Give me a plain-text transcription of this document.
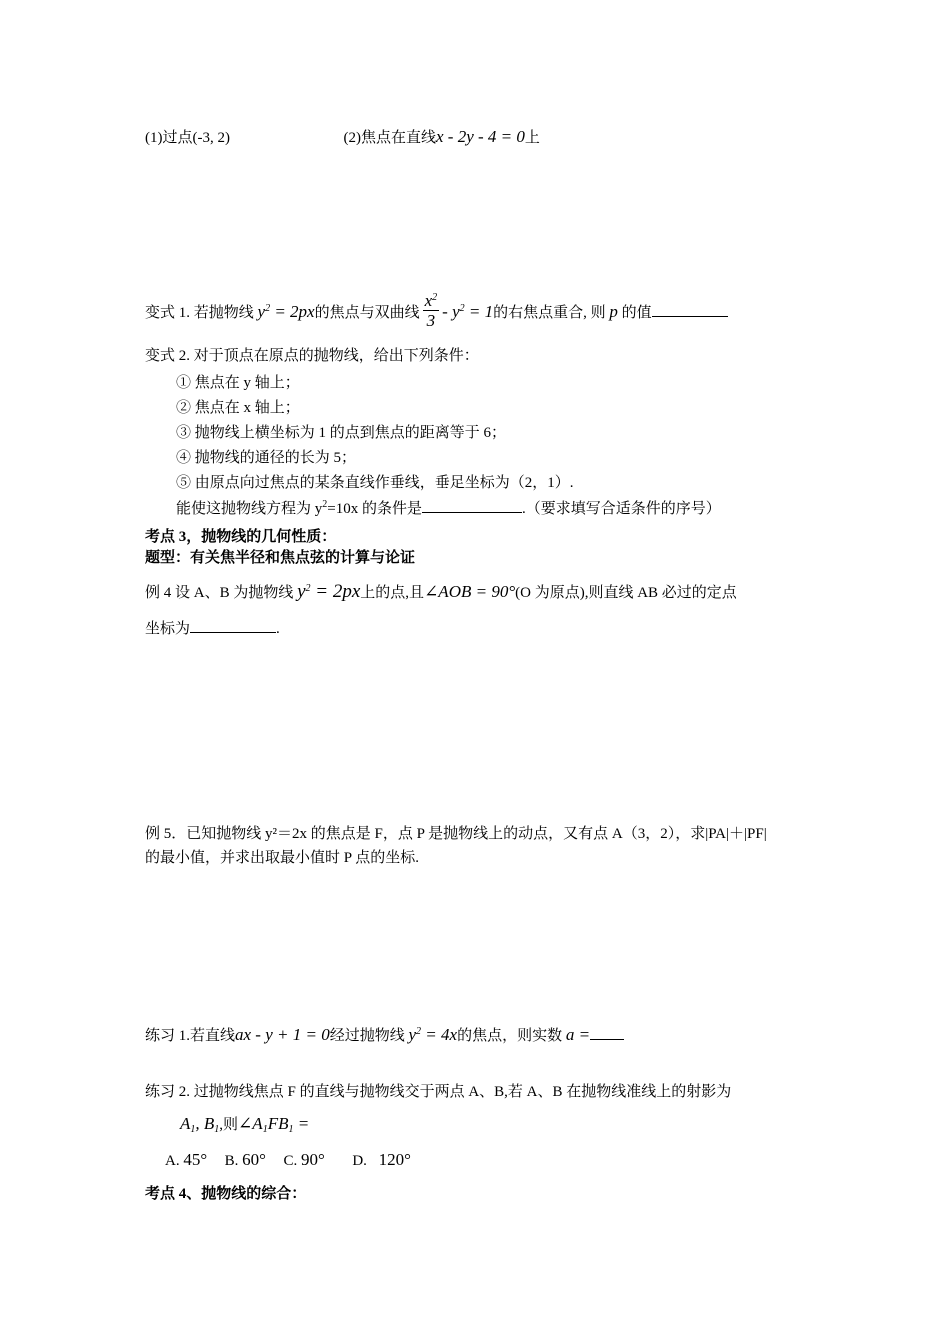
(1)过点(-3, 2)	(2)焦点在直线x - 2y - 4 = 0上
变式 1. 若抛物线 $y^2 = 2px$的焦点与双曲线 $\frac{x^2}{3} - y^2 = 1$的右焦点重合, 则 p 的值
变式 2. 对于顶点在原点的抛物线，给出下列条件：
① 焦点在 y 轴上；
② 焦点在 x 轴上；
③ 抛物线上横坐标为 1 的点到焦点的距离等于 6；
④ 抛物线的通径的长为 5；
⑤ 由原点向过焦点的某条直线作垂线，垂足坐标为（2，1）.
能使这抛物线方程为 $y^2=10x$ 的条件是	.（要求填写合适条件的序号）
考点 3，抛物线的几何性质：
题型：有关焦半径和焦点弦的计算与论证
例 4 设 A、B 为抛物线 $y^2 = 2px$上的点,且∠AOB = 90°(O 为原点),则直线 AB 必过的定点
坐标为	.
例 5．已知抛物线 y²＝2x 的焦点是 F，点 P 是抛物线上的动点，又有点 A（3，2），求|PA|＋|PF|
的最小值，并求出取最小值时 P 点的坐标.
练习 1.若直线ax - y + 1 = 0经过抛物线 $y^2 = 4x$的焦点，则实数 a =
练习 2. 过抛物线焦点 F 的直线与抛物线交于两点 A、B,若 A、B 在抛物线准线上的射影为
$A_1$, $B_1$,则$\angle A_1FB_1$ =
A. 45° B. 60° C. 90° D. 120°
考点 4、抛物线的综合：
